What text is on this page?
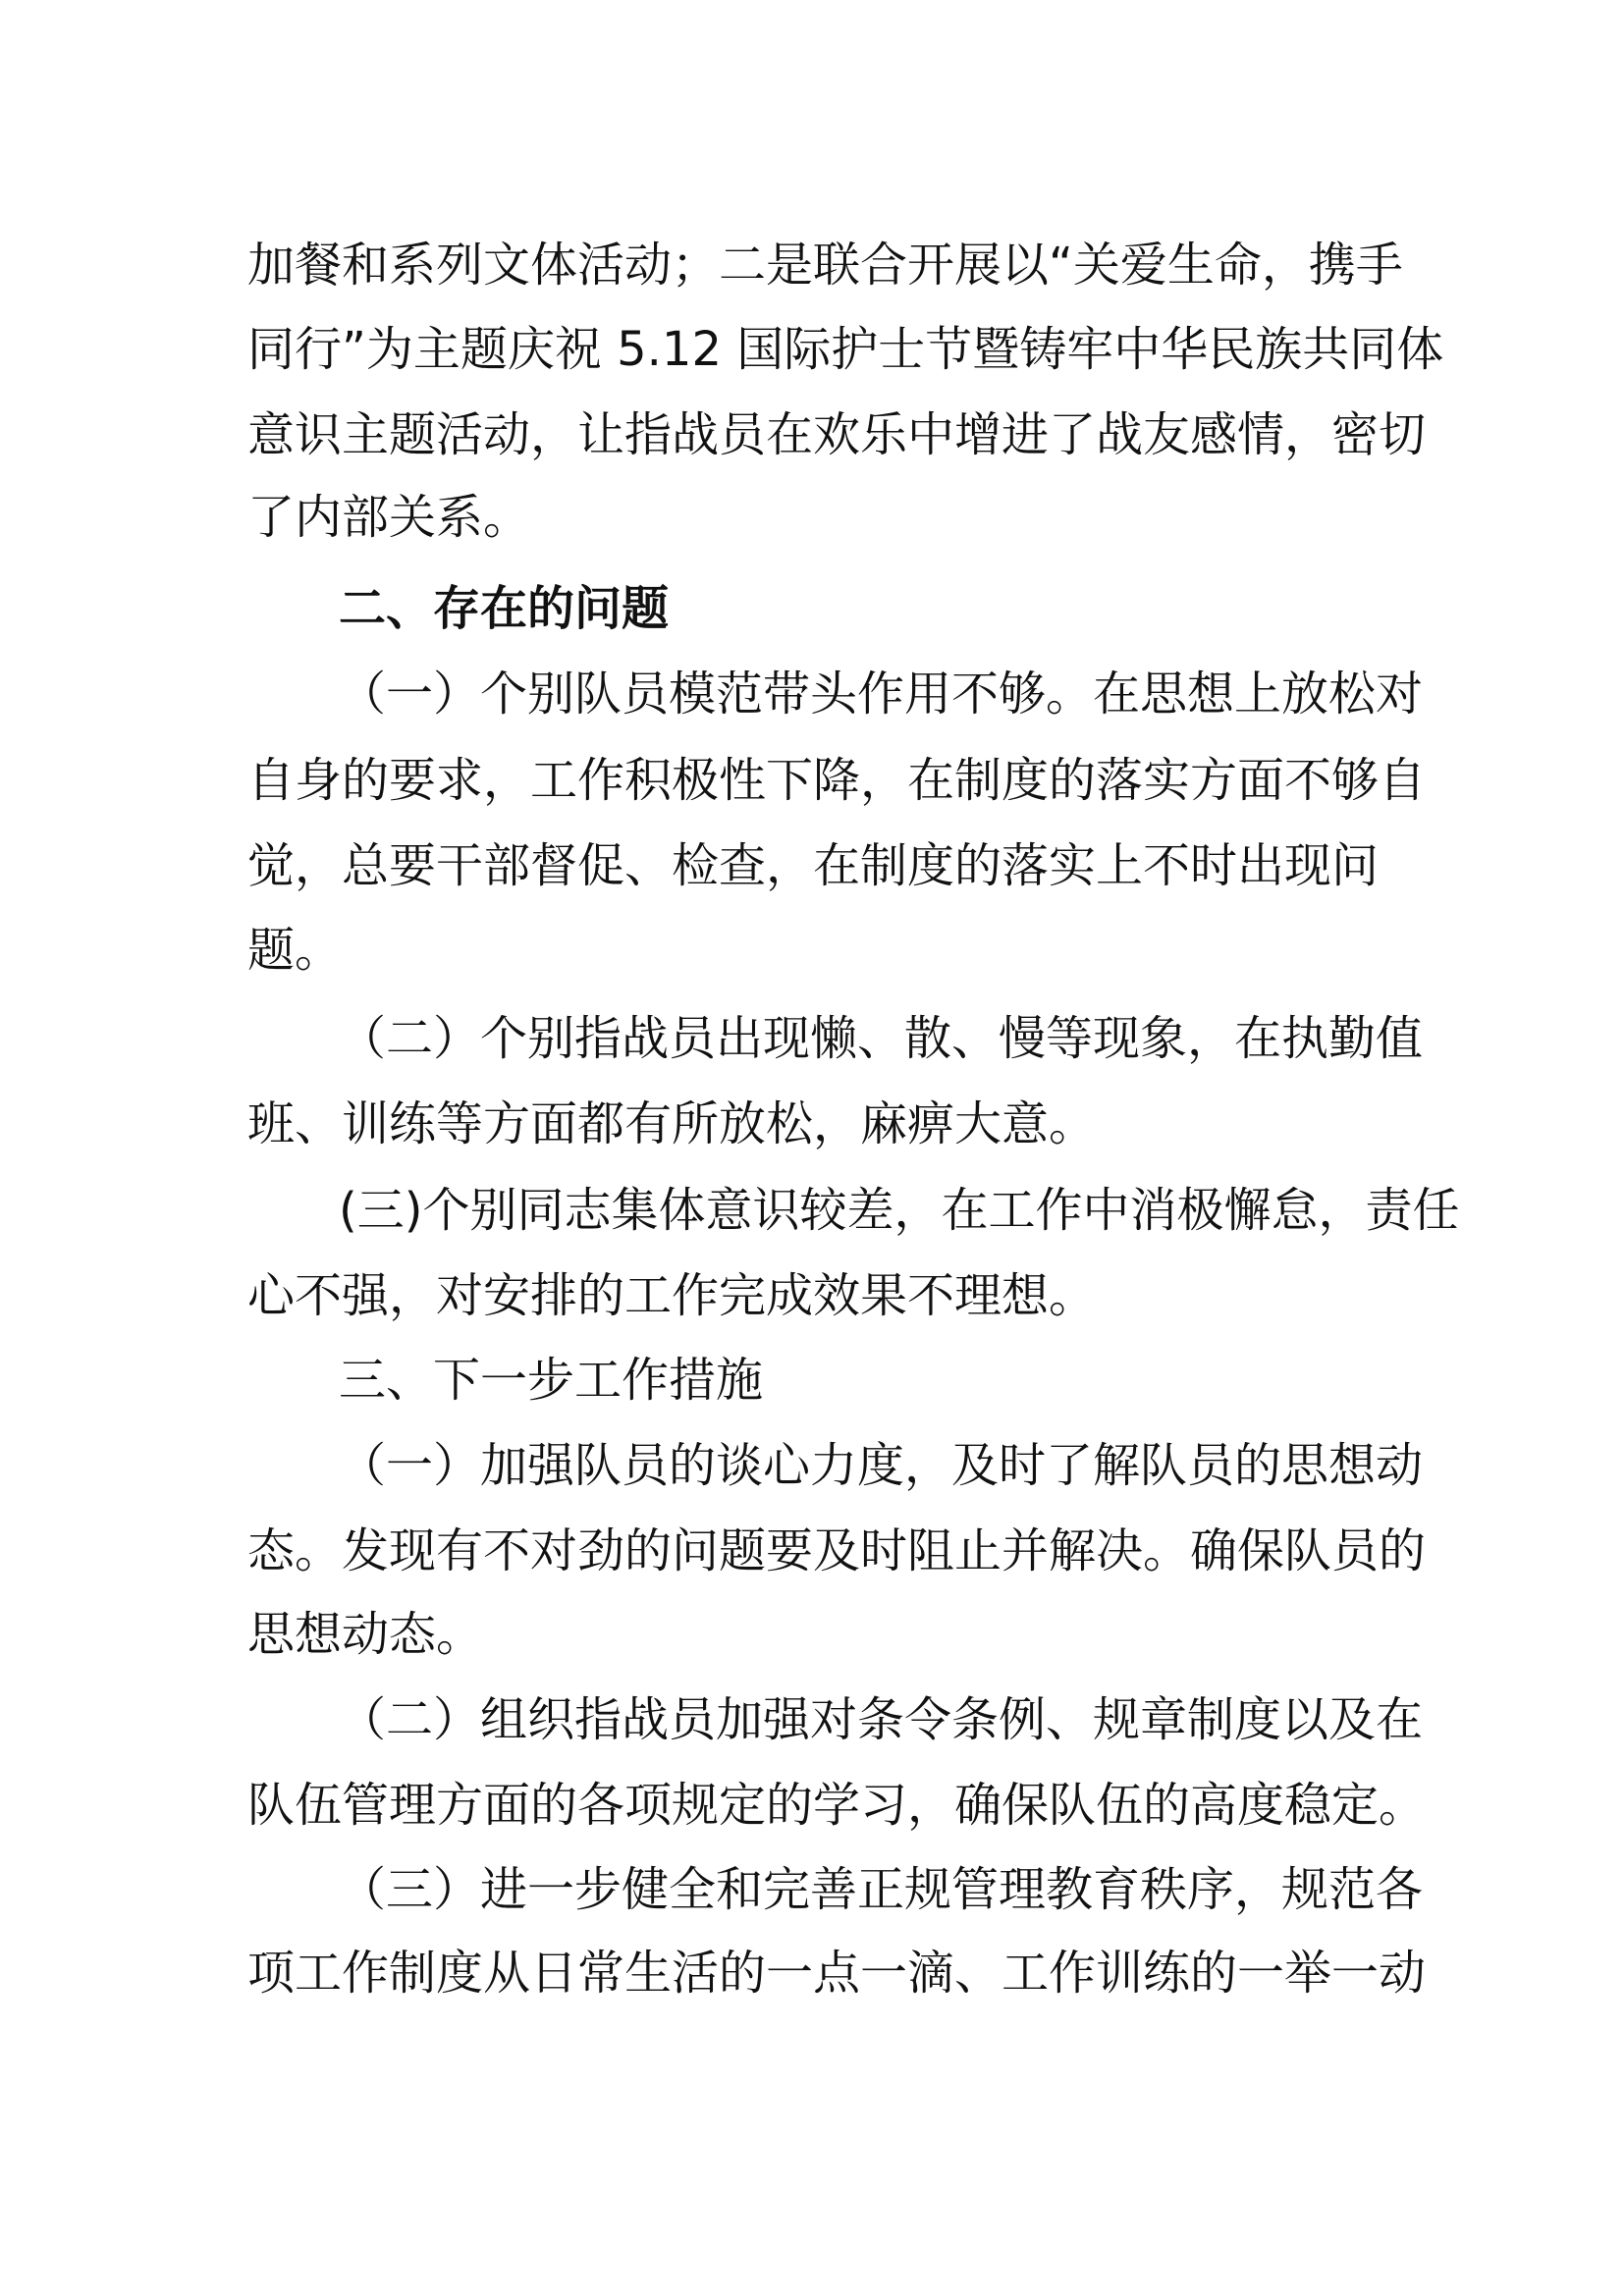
加餐和系列文体活动；二是联合开展以“关爱生命，携手
同行”为主题庆祝 5.12 国际护士节暨铸牢中华民族共同体
意识主题活动，让指战员在欢乐中增进了战友感情，密切
了内部关系。
二、存在的问题
（一）个别队员模范带头作用不够。在思想上放松对
自身的要求，工作积极性下降，在制度的落实方面不够自
觉，总要干部督促、检查，在制度的落实上不时出现问
题。
（二）个别指战员出现懒、散、慢等现象，在执勤值
班、训练等方面都有所放松，麻痹大意。
(三)个别同志集体意识较差，在工作中消极懈怠，责任
心不强，对安排的工作完成效果不理想。
三、下一步工作措施
（一）加强队员的谈心力度，及时了解队员的思想动
态。发现有不对劲的问题要及时阻止并解决。确保队员的
思想动态。
（二）组织指战员加强对条令条例、规章制度以及在
队伍管理方面的各项规定的学习，确保队伍的高度稳定。
（三）进一步健全和完善正规管理教育秩序，规范各
项工作制度从日常生活的一点一滴、工作训练的一举一动
